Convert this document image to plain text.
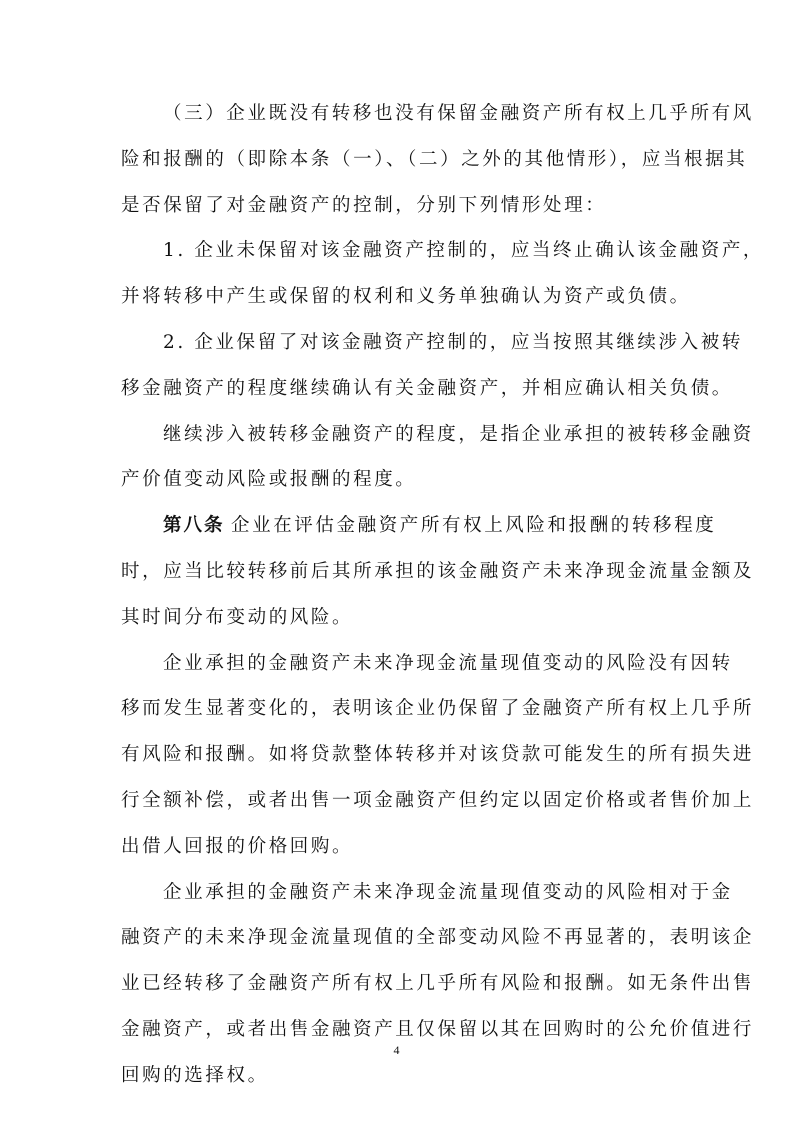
（三）企业既没有转移也没有保留金融资产所有权上几乎所有风
险和报酬的（即除本条（一）、（二）之外的其他情形），应当根据其
是否保留了对金融资产的控制，分别下列情形处理：
1. 企业未保留对该金融资产控制的，应当终止确认该金融资产，
并将转移中产生或保留的权利和义务单独确认为资产或负债。
2. 企业保留了对该金融资产控制的，应当按照其继续涉入被转
移金融资产的程度继续确认有关金融资产，并相应确认相关负债。
继续涉入被转移金融资产的程度，是指企业承担的被转移金融资
产价值变动风险或报酬的程度。
第八条 企业在评估金融资产所有权上风险和报酬的转移程度
时，应当比较转移前后其所承担的该金融资产未来净现金流量金额及
其时间分布变动的风险。
企业承担的金融资产未来净现金流量现值变动的风险没有因转
移而发生显著变化的，表明该企业仍保留了金融资产所有权上几乎所
有风险和报酬。如将贷款整体转移并对该贷款可能发生的所有损失进
行全额补偿，或者出售一项金融资产但约定以固定价格或者售价加上
出借人回报的价格回购。
企业承担的金融资产未来净现金流量现值变动的风险相对于金
融资产的未来净现金流量现值的全部变动风险不再显著的，表明该企
业已经转移了金融资产所有权上几乎所有风险和报酬。如无条件出售
金融资产，或者出售金融资产且仅保留以其在回购时的公允价值进行
回购的选择权。
4
